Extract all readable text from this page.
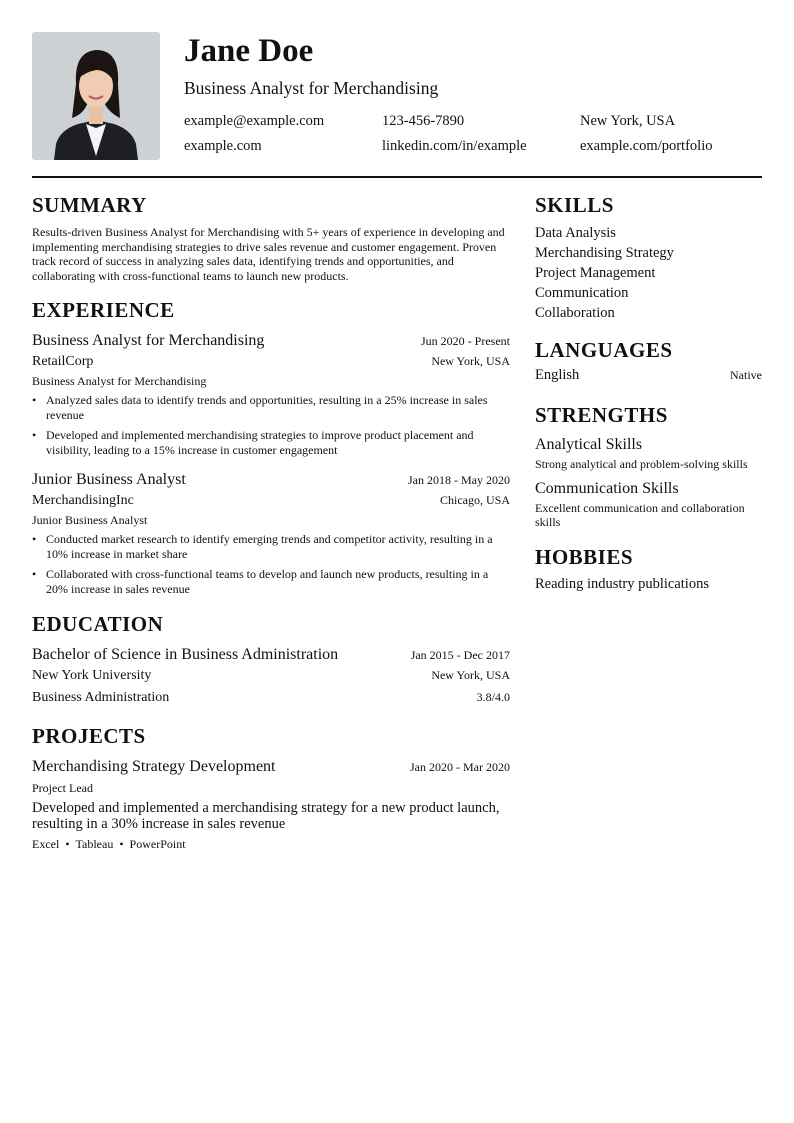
Jane Doe
Business Analyst for Merchandising
example@example.com	123-456-7890	New York, USA
example.com	linkedin.com/in/example	example.com/portfolio
SUMMARY
Results-driven Business Analyst for Merchandising with 5+ years of experience in developing and implementing merchandising strategies to drive sales revenue and customer engagement. Proven track record of success in analyzing sales data, identifying trends and opportunities, and collaborating with cross-functional teams to launch new products.
EXPERIENCE
Business Analyst for Merchandising	Jun 2020 - Present
RetailCorp	New York, USA
Business Analyst for Merchandising
• Analyzed sales data to identify trends and opportunities, resulting in a 25% increase in sales revenue
• Developed and implemented merchandising strategies to improve product placement and visibility, leading to a 15% increase in customer engagement
Junior Business Analyst	Jan 2018 - May 2020
MerchandisingInc	Chicago, USA
Junior Business Analyst
• Conducted market research to identify emerging trends and competitor activity, resulting in a 10% increase in market share
• Collaborated with cross-functional teams to develop and launch new products, resulting in a 20% increase in sales revenue
EDUCATION
Bachelor of Science in Business Administration	Jan 2015 - Dec 2017
New York University	New York, USA
Business Administration	3.8/4.0
PROJECTS
Merchandising Strategy Development	Jan 2020 - Mar 2020
Project Lead
Developed and implemented a merchandising strategy for a new product launch, resulting in a 30% increase in sales revenue
Excel • Tableau • PowerPoint
SKILLS
Data Analysis
Merchandising Strategy
Project Management
Communication
Collaboration
LANGUAGES
English	Native
STRENGTHS
Analytical Skills
Strong analytical and problem-solving skills
Communication Skills
Excellent communication and collaboration skills
HOBBIES
Reading industry publications
